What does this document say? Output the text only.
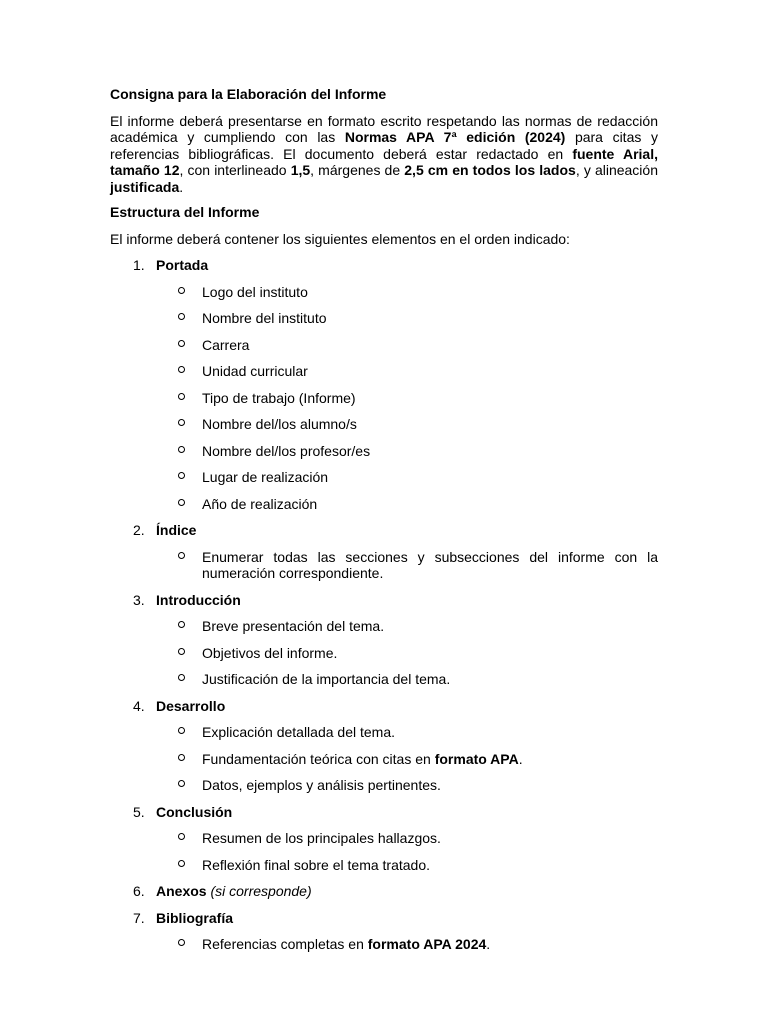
Consigna para la Elaboración del Informe

El informe deberá presentarse en formato escrito respetando las normas de redacción académica y cumpliendo con las Normas APA 7ª edición (2024) para citas y referencias bibliográficas. El documento deberá estar redactado en fuente Arial, tamaño 12, con interlineado 1,5, márgenes de 2,5 cm en todos los lados, y alineación justificada.

Estructura del Informe

El informe deberá contener los siguientes elementos en el orden indicado:

1. Portada
Logo del instituto
Nombre del instituto
Carrera
Unidad curricular
Tipo de trabajo (Informe)
Nombre del/los alumno/s
Nombre del/los profesor/es
Lugar de realización
Año de realización
2. Índice
Enumerar todas las secciones y subsecciones del informe con la numeración correspondiente.
3. Introducción
Breve presentación del tema.
Objetivos del informe.
Justificación de la importancia del tema.
4. Desarrollo
Explicación detallada del tema.
Fundamentación teórica con citas en formato APA.
Datos, ejemplos y análisis pertinentes.
5. Conclusión
Resumen de los principales hallazgos.
Reflexión final sobre el tema tratado.
6. Anexos (si corresponde)
7. Bibliografía
Referencias completas en formato APA 2024.
